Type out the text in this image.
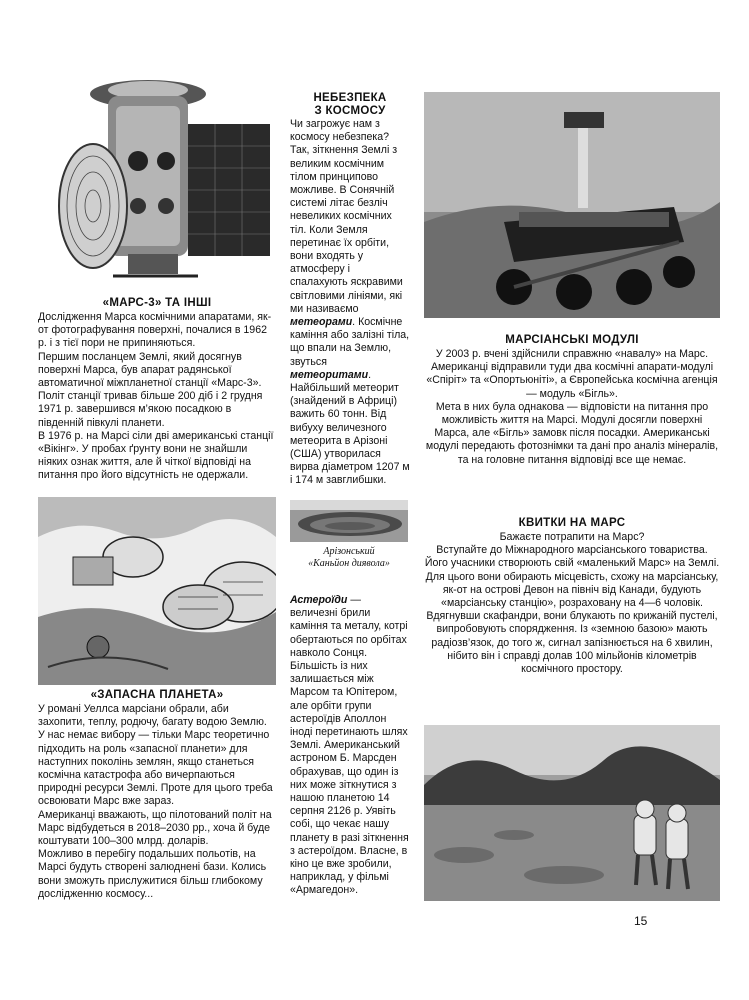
«МАРС-3» ТА ІНШІ

Дослідження Марса космічними апаратами, як-от фотографування поверхні, почалися в 1962 р. і з тієї пори не припиняються.

Першим посланцем Землі, який досягнув поверхні Марса, був апарат радянської автоматичної міжпланетної станції «Марс-3». Політ станції тривав більше 200 діб і 2 грудня 1971 р. завершився м’якою посадкою в південній півкулі планети.

В 1976 р. на Марсі сіли дві американські станції «Вікінг». У пробах ґрунту вони не знайшли ніяких ознак життя, але й чіткої відповіді на питання про його відсутність не одержали.

«ЗАПАСНА ПЛАНЕТА»

У романі Уеллса марсіани обрали, аби захопити, теплу, родючу, багату водою Землю.

У нас немає вибору — тільки Марс теоретично підходить на роль «запасної планети» для наступних поколінь землян, якщо станеться космічна катастрофа або вичерпаються природні ресурси Землі. Проте для цього треба освоювати Марс вже зараз.

Американці вважають, що пілотований політ на Марс відбудеться в 2018–2030 рр., хоча й буде коштувати 100–300 млрд. доларів.

Можливо в перебігу подальших польотів, на Марсі будуть створені залюднені бази. Колись вони зможуть прислужитися більш глибокому дослідженню космосу...

НЕБЕЗПЕКА
З КОСМОСУ
Чи загрожує нам з космосу небезпека? Так, зіткнення Землі з великим космічним тілом принципово можливе. В Сонячній системі літає безліч невеликих космічних тіл. Коли Земля перетинає їх орбіти, вони входять у атмосферу і спалахують яскравими світловими лініями, які ми називаємо метеорами. Космічне каміння або залізні тіла, що впали на Землю, звуться метеоритами. Найбільший метеорит (знайдений в Африці) важить 60 тонн. Від вибуху величезного метеорита в Арізоні (США) утворилася вирва діаметром 1207 м і 174 м завглибшки.
Арізонський
«Каньйон диявола»
Астероїди — величезні брили каміння та металу, котрі обертаються по орбітах навколо Сонця. Більшість із них залишається між Марсом та Юпітером, але орбіти групи астероїдів Аполлон іноді перетинають шлях Землі. Американський астроном Б. Марсден обрахував, що один із них може зіткнутися з нашою планетою 14 серпня 2126 р. Уявіть собі, що чекає нашу планету в разі зіткнення з астероїдом. Власне, в кіно це вже зробили, наприклад, у фільмі «Армагедон».
МАРСІАНСЬКІ МОДУЛІ

У 2003 р. вчені здійснили справжню «навалу» на Марс. Американці відправили туди два космічні апарати-модулі «Спіріт» та «Опортьюніті», а Європейська космічна агенція — модуль «Бігль».

Мета в них була однакова — відповісти на питання про можливість життя на Марсі. Модулі досягли поверхні Марса, але «Бігль» замовк після посадки. Американські модулі передають фотознімки та дані про аналіз мінералів, та на головне питання відповіді все ще немає.

КВИТКИ НА МАРС

Бажаєте потрапити на Марс?

Вступайте до Міжнародного марсіанського товариства. Його учасники створюють свій «маленький Марс» на Землі. Для цього вони обирають місцевість, схожу на марсіанську, як-от на острові Девон на північ від Канади, будують «марсіанську станцію», розраховану на 4—6 чоловік. Вдягнувши скафандри, вони блукають по крижаній пустелі, випробовують спорядження. Із «земною базою» мають радіозв’язок, до того ж, сигнал запізнюється на 6 хвилин, нібито він і справді долав 100 мільйонів кілометрів космічного простору.

15
